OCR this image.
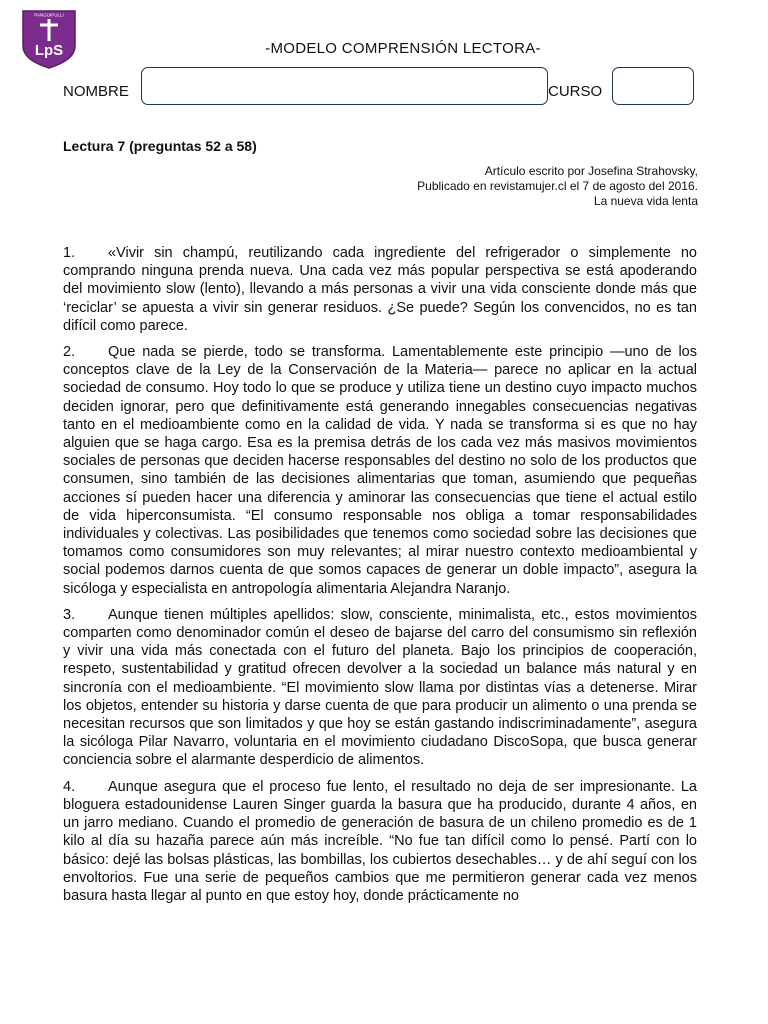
PANGUIPULLI
LpS	-MODELO COMPRENSIÓN LECTORA-
NOMBRE	CURSO
Lectura 7 (preguntas 52 a 58)
Artículo escrito por Josefina Strahovsky,
Publicado en revistamujer.cl el 7 de agosto del 2016.
La nueva vida lenta

1. «Vivir sin champú, reutilizando cada ingrediente del refrigerador o simplemente no comprando ninguna prenda nueva. Una cada vez más popular perspectiva se está apoderando del movimiento slow (lento), llevando a más personas a vivir una vida consciente donde más que ‘reciclar’ se apuesta a vivir sin generar residuos. ¿Se puede? Según los convencidos, no es tan difícil como parece.

2. Que nada se pierde, todo se transforma. Lamentablemente este principio —uno de los conceptos clave de la Ley de la Conservación de la Materia— parece no aplicar en la actual sociedad de consumo. Hoy todo lo que se produce y utiliza tiene un destino cuyo impacto muchos deciden ignorar, pero que definitivamente está generando innegables consecuencias negativas tanto en el medioambiente como en la calidad de vida. Y nada se transforma si es que no hay alguien que se haga cargo. Esa es la premisa detrás de los cada vez más masivos movimientos sociales de personas que deciden hacerse responsables del destino no solo de los productos que consumen, sino también de las decisiones alimentarias que toman, asumiendo que pequeñas acciones sí pueden hacer una diferencia y aminorar las consecuencias que tiene el actual estilo de vida hiperconsumista. “El consumo responsable nos obliga a tomar responsabilidades individuales y colectivas. Las posibilidades que tenemos como sociedad sobre las decisiones que tomamos como consumidores son muy relevantes; al mirar nuestro contexto medioambiental y social podemos darnos cuenta de que somos capaces de generar un doble impacto”, asegura la sicóloga y especialista en antropología alimentaria Alejandra Naranjo.

3. Aunque tienen múltiples apellidos: slow, consciente, minimalista, etc., estos movimientos comparten como denominador común el deseo de bajarse del carro del consumismo sin reflexión y vivir una vida más conectada con el futuro del planeta. Bajo los principios de cooperación, respeto, sustentabilidad y gratitud ofrecen devolver a la sociedad un balance más natural y en sincronía con el medioambiente. “El movimiento slow llama por distintas vías a detenerse. Mirar los objetos, entender su historia y darse cuenta de que para producir un alimento o una prenda se necesitan recursos que son limitados y que hoy se están gastando indiscriminadamente”, asegura la sicóloga Pilar Navarro, voluntaria en el movimiento ciudadano DiscoSopa, que busca generar conciencia sobre el alarmante desperdicio de alimentos.

4. Aunque asegura que el proceso fue lento, el resultado no deja de ser impresionante. La bloguera estadounidense Lauren Singer guarda la basura que ha producido, durante 4 años, en un jarro mediano. Cuando el promedio de generación de basura de un chileno promedio es de 1 kilo al día su hazaña parece aún más increíble. “No fue tan difícil como lo pensé. Partí con lo básico: dejé las bolsas plásticas, las bombillas, los cubiertos desechables… y de ahí seguí con los envoltorios. Fue una serie de pequeños cambios que me permitieron generar cada vez menos basura hasta llegar al punto en que estoy hoy, donde prácticamente no
